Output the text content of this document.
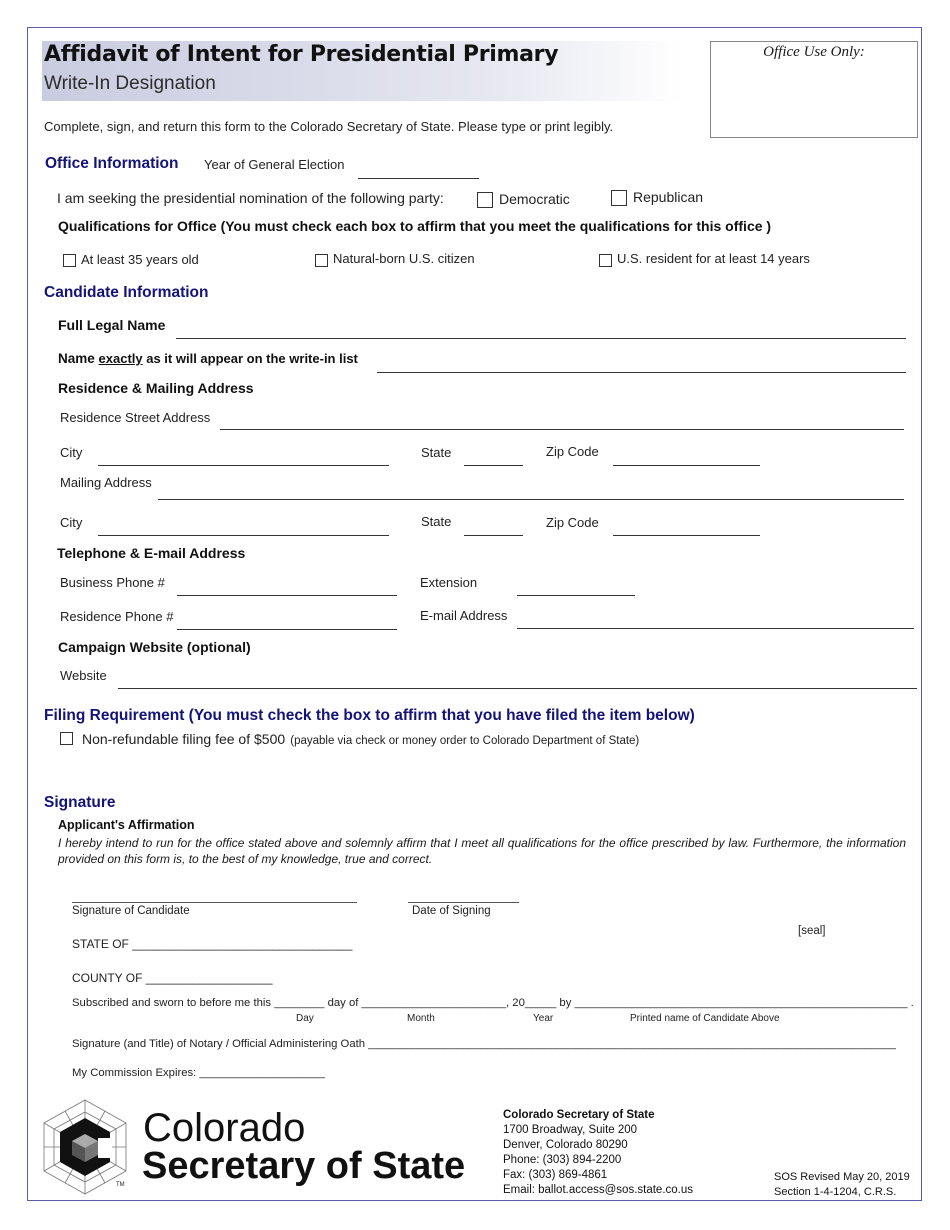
Affidavit of Intent for Presidential Primary
Write-In Designation
Office Use Only:
Complete, sign, and return this form to the Colorado Secretary of State. Please type or print legibly.
Office Information Year of General Election
I am seeking the presidential nomination of the following party:	Democratic	Republican
Qualifications for Office (You must check each box to affirm that you meet the qualifications for this office )
At least 35 years old	Natural-born U.S. citizen	U.S. resident for at least 14 years
Candidate Information
Full Legal Name
Name exactly as it will appear on the write-in list
Residence & Mailing Address
Residence Street Address
City	State	Zip Code
Mailing Address
City	State	Zip Code
Telephone & E-mail Address
Business Phone #	Extension
Residence Phone #	E-mail Address
Campaign Website (optional)
Website
Filing Requirement (You must check the box to affirm that you have filed the item below)
Non-refundable filing fee of $500 (payable via check or money order to Colorado Department of State)
Signature
Applicant's Affirmation
I hereby intend to run for the office stated above and solemnly affirm that I meet all qualifications for the office prescribed by law. Furthermore, the information provided on this form is, to the best of my knowledge, true and correct.
Signature of Candidate	Date of Signing
[seal]
STATE OF _________________________________
COUNTY OF ___________________
Subscribed and sworn to before me this ________ day of _______________________, 20_____ by _____________________________________________________ .
Day	Month	Year	Printed name of Candidate Above
Signature (and Title) of Notary / Official Administering Oath ____________________________________________________________________________________
My Commission Expires: ____________________
TM
Colorado
Secretary of State
Colorado Secretary of State
1700 Broadway, Suite 200
Denver, Colorado 80290
Phone: (303) 894-2200
Fax: (303) 869-4861
Email: ballot.access@sos.state.co.us
SOS Revised May 20, 2019
Section 1-4-1204, C.R.S.
